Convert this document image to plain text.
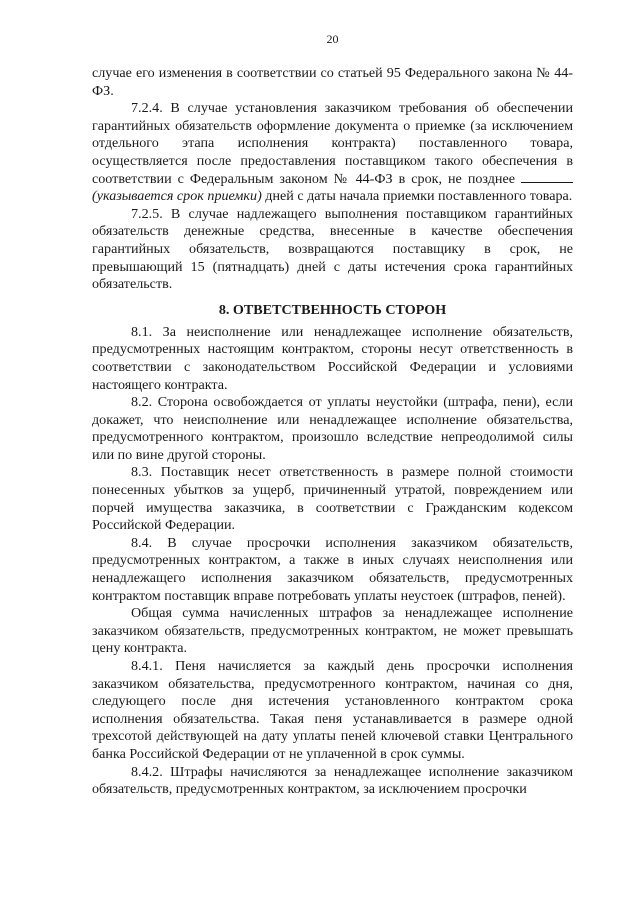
20

случае его изменения в соответствии со статьей 95 Федерального закона № 44-ФЗ.

7.2.4. В случае установления заказчиком требования об обеспечении гарантийных обязательств оформление документа о приемке (за исключением отдельного этапа исполнения контракта) поставленного товара, осуществляется после предоставления поставщиком такого обеспечения в соответствии с Федеральным законом № 44-ФЗ в срок, не позднее  (указывается срок приемки) дней с даты начала приемки поставленного товара.

7.2.5. В случае надлежащего выполнения поставщиком гарантийных обязательств денежные средства, внесенные в качестве обеспечения гарантийных обязательств, возвращаются поставщику в срок, не превышающий 15 (пятнадцать) дней с даты истечения срока гарантийных обязательств.

8. ОТВЕТСТВЕННОСТЬ СТОРОН

8.1. За неисполнение или ненадлежащее исполнение обязательств, предусмотренных настоящим контрактом, стороны несут ответственность в соответствии с законодательством Российской Федерации и условиями настоящего контракта.

8.2. Сторона освобождается от уплаты неустойки (штрафа, пени), если докажет, что неисполнение или ненадлежащее исполнение обязательства, предусмотренного контрактом, произошло вследствие непреодолимой силы или по вине другой стороны.

8.3. Поставщик несет ответственность в размере полной стоимости понесенных убытков за ущерб, причиненный утратой, повреждением или порчей имущества заказчика, в соответствии с Гражданским кодексом Российской Федерации.

8.4. В случае просрочки исполнения заказчиком обязательств, предусмотренных контрактом, а также в иных случаях неисполнения или ненадлежащего исполнения заказчиком обязательств, предусмотренных контрактом поставщик вправе потребовать уплаты неустоек (штрафов, пеней).

Общая сумма начисленных штрафов за ненадлежащее исполнение заказчиком обязательств, предусмотренных контрактом, не может превышать цену контракта.

8.4.1. Пеня начисляется за каждый день просрочки исполнения заказчиком обязательства, предусмотренного контрактом, начиная со дня, следующего после дня истечения установленного контрактом срока исполнения обязательства. Такая пеня устанавливается в размере одной трехсотой действующей на дату уплаты пеней ключевой ставки Центрального банка Российской Федерации от не уплаченной в срок суммы.

8.4.2. Штрафы начисляются за ненадлежащее исполнение заказчиком обязательств, предусмотренных контрактом, за исключением просрочки
